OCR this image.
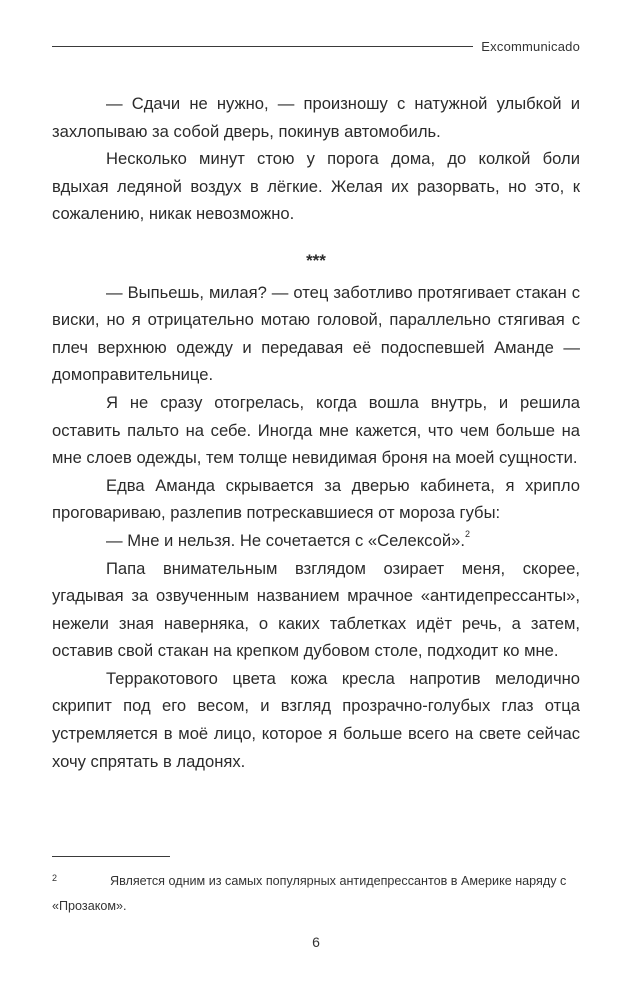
Excommunicado

— Сдачи не нужно, — произношу с натужной улыбкой и захлопываю за собой дверь, покинув автомобиль.

Несколько минут стою у порога дома, до колкой боли вдыхая ледяной воздух в лёгкие. Желая их разорвать, но это, к сожалению, никак невозможно.

***

— Выпьешь, милая? — отец заботливо протягивает стакан с виски, но я отрицательно мотаю головой, параллельно стягивая с плеч верхнюю одежду и передавая её подоспевшей Аманде — домоправительнице.

Я не сразу отогрелась, когда вошла внутрь, и решила оставить пальто на себе. Иногда мне кажется, что чем больше на мне слоев одежды, тем толще невидимая броня на моей сущности.

Едва Аманда скрывается за дверью кабинета, я хрипло проговариваю, разлепив потрескавшиеся от мороза губы:

— Мне и нельзя. Не сочетается с «Селексой».$^2$

Папа внимательным взглядом озирает меня, скорее, угадывая за озвученным названием мрачное «антидепрессанты», нежели зная наверняка, о каких таблетках идёт речь, а затем, оставив свой стакан на крепком дубовом столе, подходит ко мне.

Терракотового цвета кожа кресла напротив мелодично скрипит под его весом, и взгляд прозрачно-голубых глаз отца устремляется в моё лицо, которое я больше всего на свете сейчас хочу спрятать в ладонях.

2	Является одним из самых популярных антидепрессантов в Америке наряду с «Прозаком».
6
